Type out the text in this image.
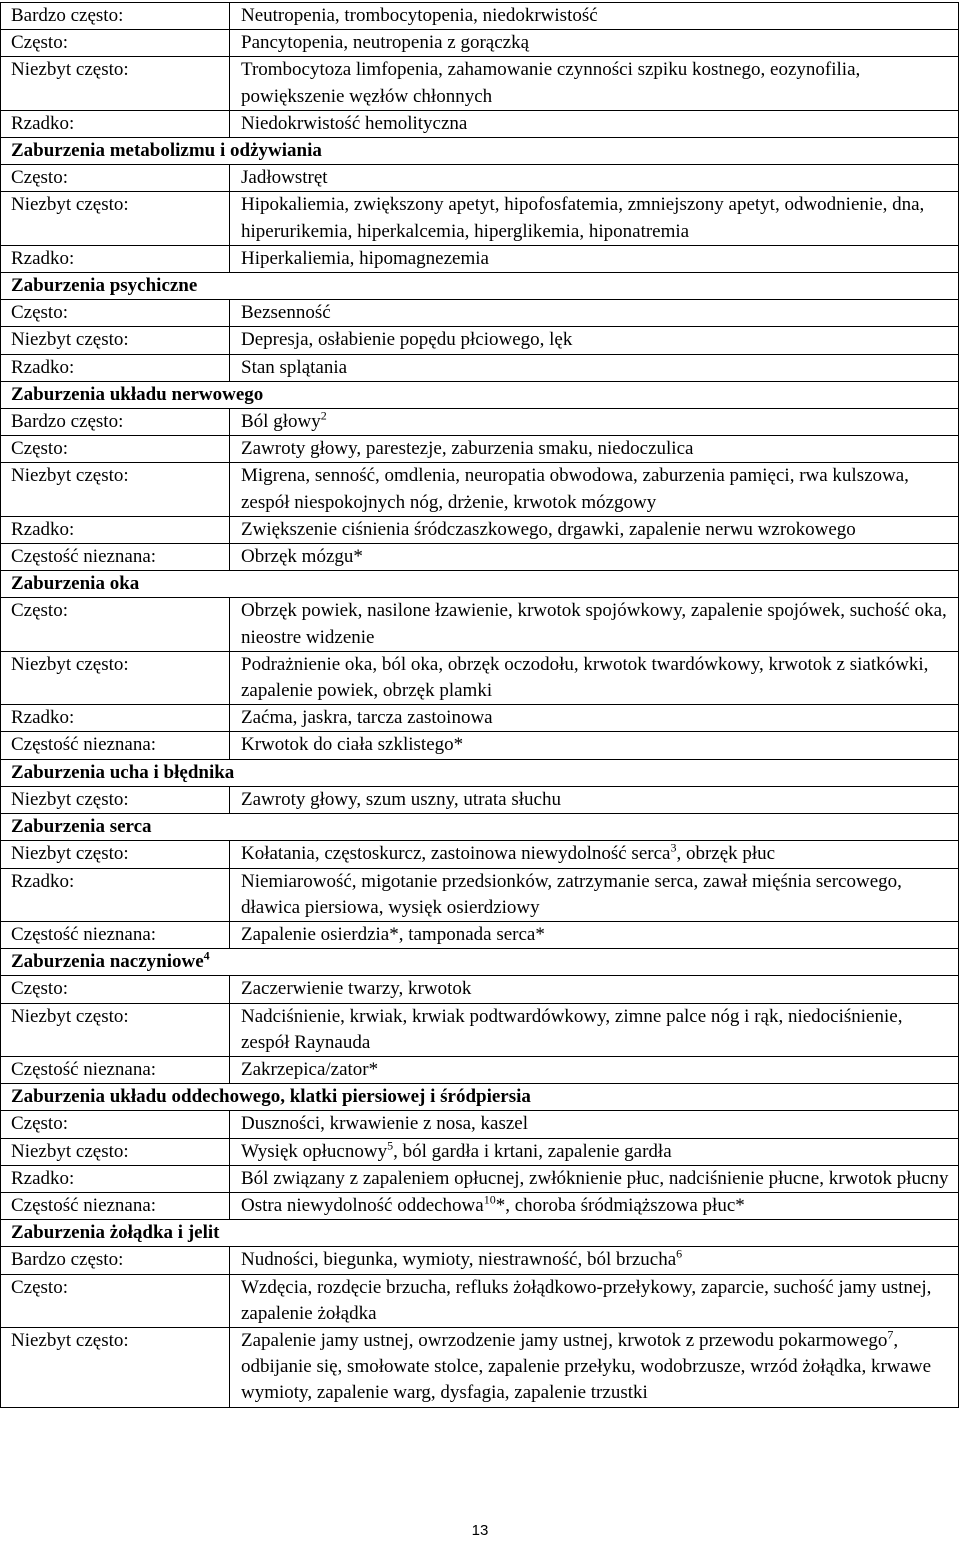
Bardzo często:	Neutropenia, trombocytopenia, niedokrwistość
Często:	Pancytopenia, neutropenia z gorączką
Niezbyt często:	Trombocytoza limfopenia, zahamowanie czynności szpiku kostnego, eozynofilia, powiększenie węzłów chłonnych
Rzadko:	Niedokrwistość hemolityczna
Zaburzenia metabolizmu i odżywiania	
Często:	Jadłowstręt
Niezbyt często:	Hipokaliemia, zwiększony apetyt, hipofosfatemia, zmniejszony apetyt, odwodnienie, dna, hiperurikemia, hiperkalcemia, hiperglikemia, hiponatremia
Rzadko:	Hiperkaliemia, hipomagnezemia
Zaburzenia psychiczne	
Często:	Bezsenność
Niezbyt często:	Depresja, osłabienie popędu płciowego, lęk
Rzadko:	Stan splątania
Zaburzenia układu nerwowego	
Bardzo często:	Ból głowy$^2$
Często:	Zawroty głowy, parestezje, zaburzenia smaku, niedoczulica
Niezbyt często:	Migrena, senność, omdlenia, neuropatia obwodowa, zaburzenia pamięci, rwa kulszowa, zespół niespokojnych nóg, drżenie, krwotok mózgowy
Rzadko:	Zwiększenie ciśnienia śródczaszkowego, drgawki, zapalenie nerwu wzrokowego
Częstość nieznana:	Obrzęk mózgu*
Zaburzenia oka	
Często:	Obrzęk powiek, nasilone łzawienie, krwotok spojówkowy, zapalenie spojówek, suchość oka, nieostre widzenie
Niezbyt często:	Podrażnienie oka, ból oka, obrzęk oczodołu, krwotok twardówkowy, krwotok z siatkówki, zapalenie powiek, obrzęk plamki
Rzadko:	Zaćma, jaskra, tarcza zastoinowa
Częstość nieznana:	Krwotok do ciała szklistego*
Zaburzenia ucha i błędnika	
Niezbyt często:	Zawroty głowy, szum uszny, utrata słuchu
Zaburzenia serca	
Niezbyt często:	Kołatania, częstoskurcz, zastoinowa niewydolność serca$^3$, obrzęk płuc
Rzadko:	Niemiarowość, migotanie przedsionków, zatrzymanie serca, zawał mięśnia sercowego, dławica piersiowa, wysięk osierdziowy
Częstość nieznana:	Zapalenie osierdzia*, tamponada serca*
Zaburzenia naczyniowe$^4$
Często:	Zaczerwienie twarzy, krwotok
Niezbyt często:	Nadciśnienie, krwiak, krwiak podtwardówkowy, zimne palce nóg i rąk, niedociśnienie, zespół Raynauda
Częstość nieznana:	Zakrzepica/zator*
Zaburzenia układu oddechowego, klatki piersiowej i śródpiersia	
Często:	Duszności, krwawienie z nosa, kaszel
Niezbyt często:	Wysięk opłucnowy$^5$, ból gardła i krtani, zapalenie gardła
Rzadko:	Ból związany z zapaleniem opłucnej, zwłóknienie płuc, nadciśnienie płucne, krwotok płucny
Częstość nieznana:	Ostra niewydolność oddechowa$^{10}$*, choroba śródmiąższowa płuc*
Zaburzenia żołądka i jelit	
Bardzo często:	Nudności, biegunka, wymioty, niestrawność, ból brzucha$^6$
Często:	Wzdęcia, rozdęcie brzucha, refluks żołądkowo-przełykowy, zaparcie, suchość jamy ustnej, zapalenie żołądka
Niezbyt często:	Zapalenie jamy ustnej, owrzodzenie jamy ustnej, krwotok z przewodu pokarmowego$^7$, odbijanie się, smołowate stolce, zapalenie przełyku, wodobrzusze, wrzód żołądka, krwawe wymioty, zapalenie warg, dysfagia, zapalenie trzustki
13
